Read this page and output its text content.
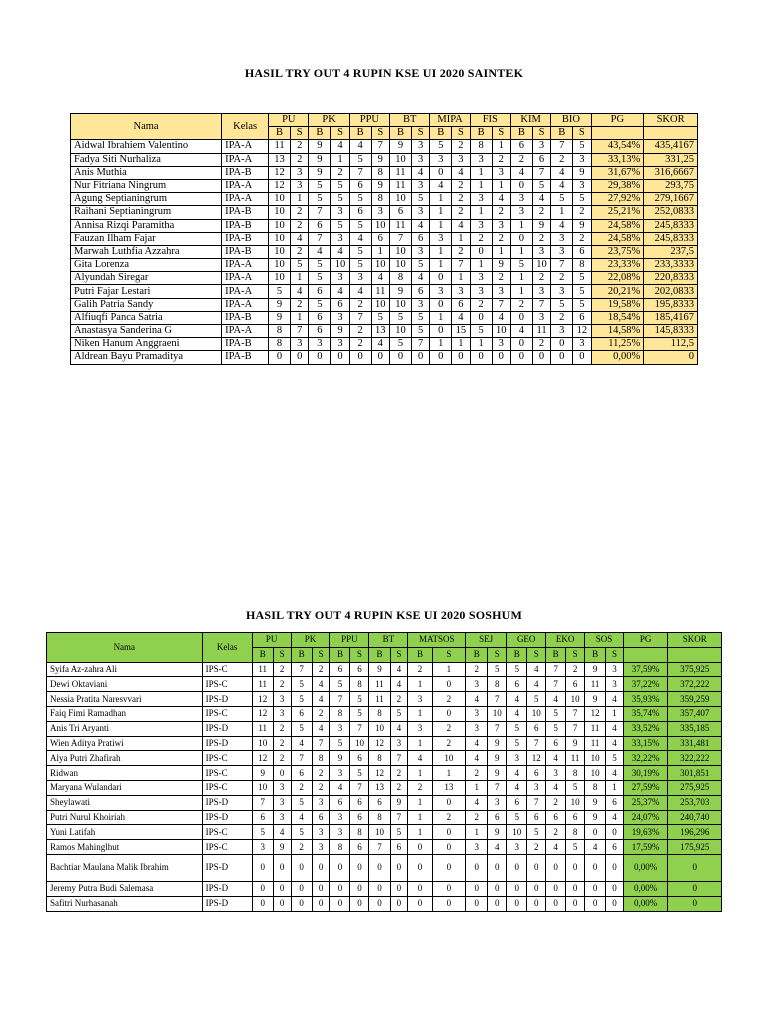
HASIL TRY OUT 4 RUPIN KSE UI 2020 SAINTEK
Nama	Kelas	PU		PK		PPU		BT		MIPA		FIS		KIM		BIO		PG	SKOR
		B	S	B	S	B	S	B	S	B	S	B	S	B	S	B	S		
Aidwal Ibrahiem Valentino	IPA-A	11	2	9	4	4	7	9	3	5	2	8	1	6	3	7	5	43,54%	435,4167
Fadya Siti Nurhaliza	IPA-A	13	2	9	1	5	9	10	3	3	3	3	2	2	6	2	3	33,13%	331,25
Anis Muthia	IPA-B	12	3	9	2	7	8	11	4	0	4	1	3	4	7	4	9	31,67%	316,6667
Nur Fitriana Ningrum	IPA-A	12	3	5	5	6	9	11	3	4	2	1	1	0	5	4	3	29,38%	293,75
Agung Septianingrum	IPA-A	10	1	5	5	5	8	10	5	1	2	3	4	3	4	5	5	27,92%	279,1667
Raihani Septianingrum	IPA-B	10	2	7	3	6	3	6	3	1	2	1	2	3	2	1	2	25,21%	252,0833
Annisa Rizqi Paramitha	IPA-B	10	2	6	5	5	10	11	4	1	4	3	3	1	9	4	9	24,58%	245,8333
Fauzan Ilham Fajar	IPA-B	10	4	7	3	4	6	7	6	3	1	2	2	0	2	3	2	24,58%	245,8333
Marwah Luthfia Azzahra	IPA-B	10	2	4	4	5	1	10	3	1	2	0	1	1	3	3	6	23,75%	237,5
Gita Lorenza	IPA-A	10	5	5	10	5	10	10	5	1	7	1	9	5	10	7	8	23,33%	233,3333
Alyundah Siregar	IPA-A	10	1	5	3	3	4	8	4	0	1	3	2	1	2	2	5	22,08%	220,8333
Putri Fajar Lestari	IPA-A	5	4	6	4	4	11	9	6	3	3	3	3	1	3	3	5	20,21%	202,0833
Galih Patria Sandy	IPA-A	9	2	5	6	2	10	10	3	0	6	2	7	2	7	5	5	19,58%	195,8333
Alfiuqfi Panca Satria	IPA-B	9	1	6	3	7	5	5	5	1	4	0	4	0	3	2	6	18,54%	185,4167
Anastasya Sanderina G	IPA-A	8	7	6	9	2	13	10	5	0	15	5	10	4	11	3	12	14,58%	145,8333
Niken Hanum Anggraeni	IPA-B	8	3	3	3	2	4	5	7	1	1	1	3	0	2	0	3	11,25%	112,5
Aldrean Bayu Pramaditya	IPA-B	0	0	0	0	0	0	0	0	0	0	0	0	0	0	0	0	0,00%	0
HASIL TRY OUT 4 RUPIN KSE UI 2020 SOSHUM
Nama	Kelas	PU		PK		PPU		BT		MATSOS		SEJ		GEO		EKO		SOS		PG	SKOR
		B	S	B	S	B	S	B	S	B	S	B	S	B	S	B	S	B	S		
Syifa Az-zahra Ali	IPS-C	11	2	7	2	6	6	9	4	2	1	2	5	5	4	7	2	9	3	37,59%	375,925
Dewi Oktaviani	IPS-C	11	2	5	4	5	8	11	4	1	0	3	8	6	4	7	6	11	3	37,22%	372,222
Nessia Pratita Naresvvari	IPS-D	12	3	5	4	7	5	11	2	3	2	4	7	4	5	4	10	9	4	35,93%	359,259
Faiq Fimi Ramadhan	IPS-C	12	3	6	2	8	5	8	5	1	0	3	10	4	10	5	7	12	1	35,74%	357,407
Anis Tri Aryanti	IPS-D	11	2	5	4	3	7	10	4	3	2	3	7	5	6	5	7	11	4	33,52%	335,185
Wien Aditya Pratiwi	IPS-D	10	2	4	7	5	10	12	3	1	2	4	9	5	7	6	9	11	4	33,15%	331,481
Alya Putri Zhafirah	IPS-C	12	2	7	8	9	6	8	7	4	10	4	9	3	12	4	11	10	5	32,22%	322,222
Ridwan	IPS-C	9	0	6	2	3	5	12	2	1	1	2	9	4	6	3	8	10	4	30,19%	301,851
Maryana Wulandari	IPS-C	10	3	2	2	4	7	13	2	2	13	1	7	4	3	4	5	8	1	27,59%	275,925
Sheylawati	IPS-D	7	3	5	3	6	6	6	9	1	0	4	3	6	7	2	10	9	6	25,37%	253,703
Putri Nurul Khoiriah	IPS-D	6	3	4	6	3	6	8	7	1	2	2	6	5	6	6	6	9	4	24,07%	240,740
Yuni Latifah	IPS-C	5	4	5	3	3	8	10	5	1	0	1	9	10	5	2	8	0	0	19,63%	196,296
Ramos Mahinglhut	IPS-C	3	9	2	3	8	6	7	6	0	0	3	4	3	2	4	5	4	6	17,59%	175,925
Bachtiar Maulana Malik Ibrahim	IPS-D	0	0	0	0	0	0	0	0	0	0	0	0	0	0	0	0	0	0	0,00%	0
Jeremy Putra Budi Salemasa	IPS-D	0	0	0	0	0	0	0	0	0	0	0	0	0	0	0	0	0	0	0,00%	0
Safitri Nurhasanah	IPS-D	0	0	0	0	0	0	0	0	0	0	0	0	0	0	0	0	0	0	0,00%	0
